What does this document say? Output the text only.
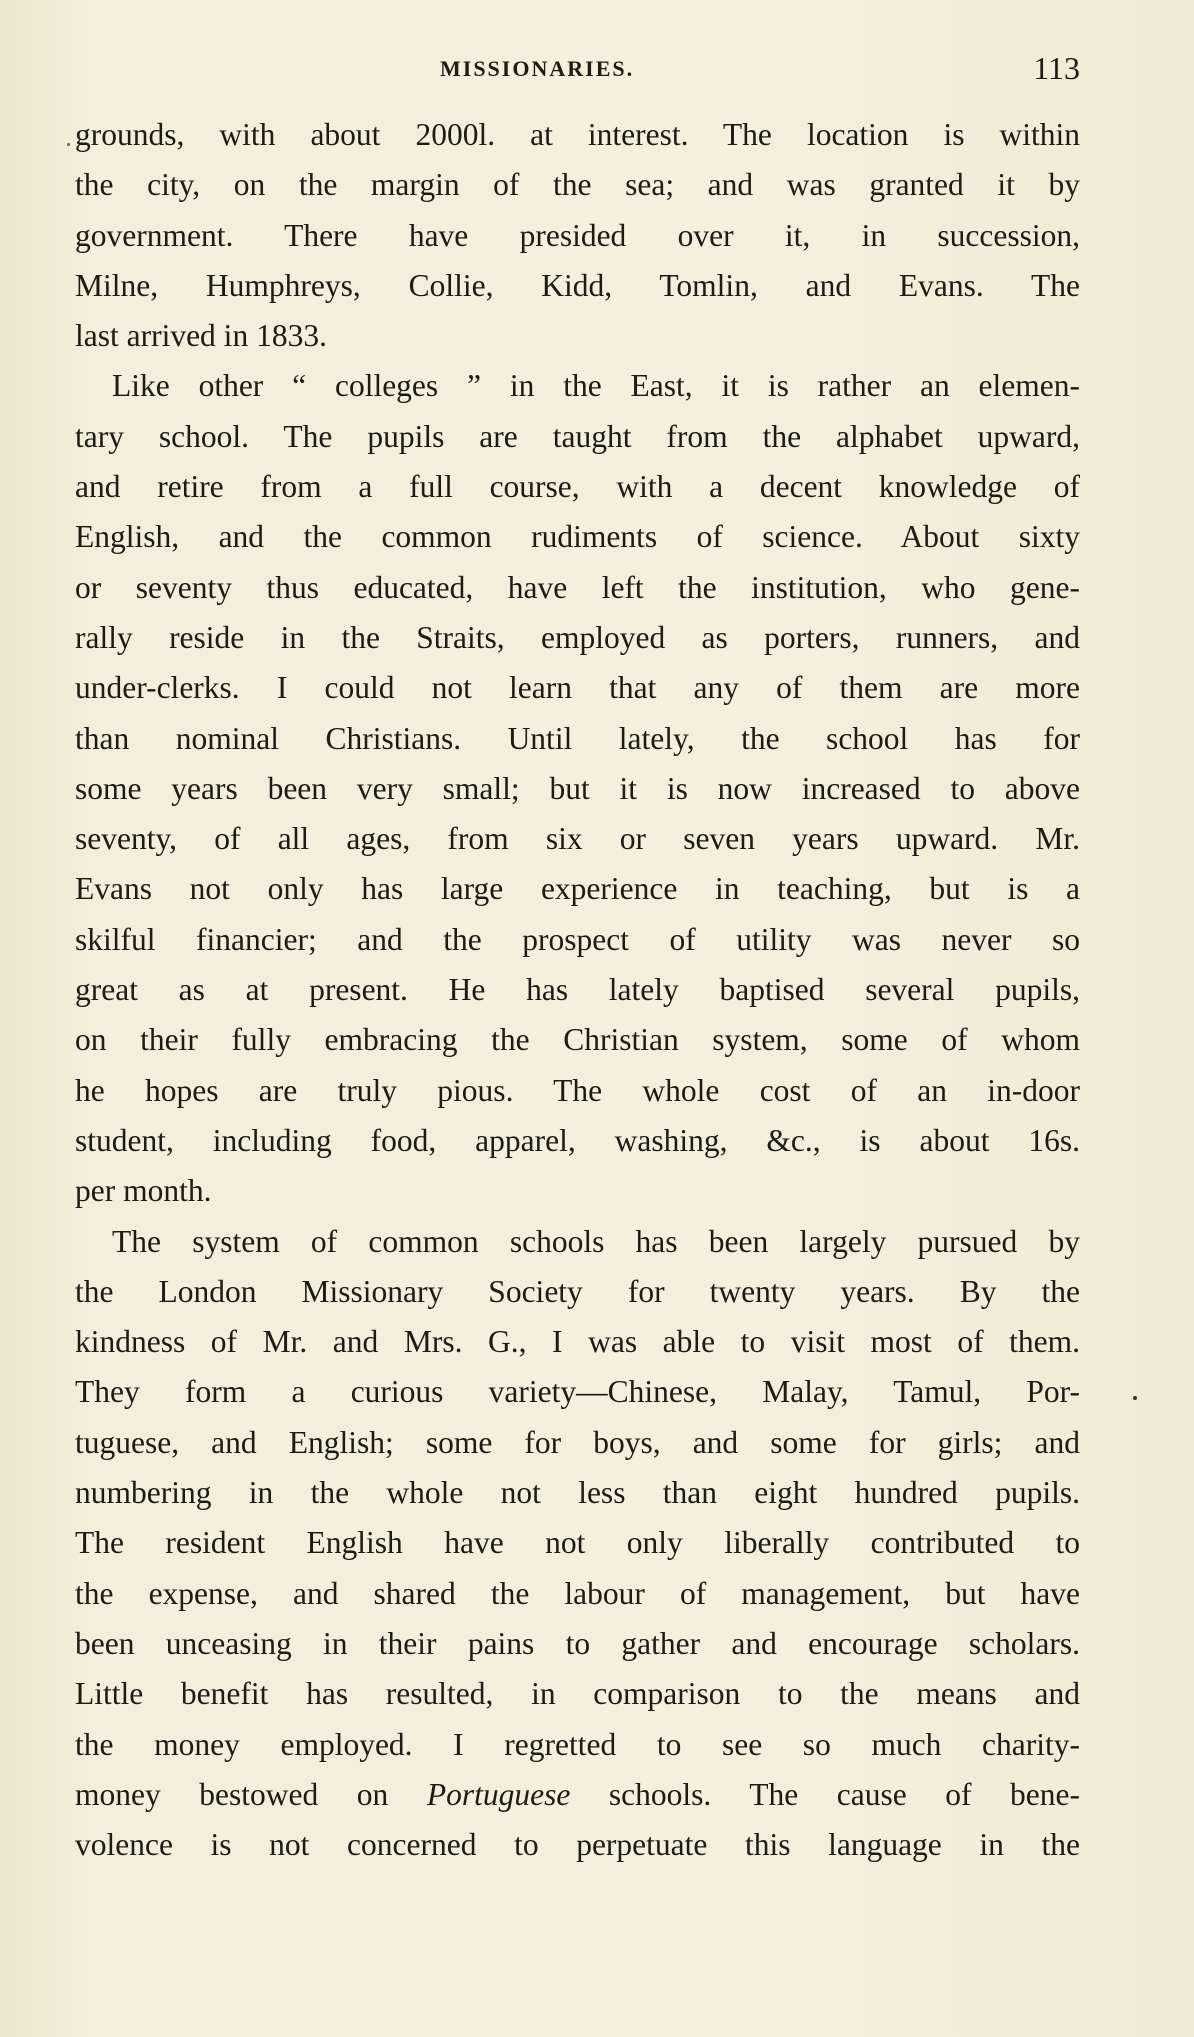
MISSIONARIES.	113
grounds, with about 2000l. at interest. The location is within
the city, on the margin of the sea; and was granted it by
government. There have presided over it, in succession,
Milne, Humphreys, Collie, Kidd, Tomlin, and Evans. The
last arrived in 1833.
Like other “ colleges ” in the East, it is rather an elemen-
tary school. The pupils are taught from the alphabet upward,
and retire from a full course, with a decent knowledge of
English, and the common rudiments of science. About sixty
or seventy thus educated, have left the institution, who gene-
rally reside in the Straits, employed as porters, runners, and
under-clerks. I could not learn that any of them are more
than nominal Christians. Until lately, the school has for
some years been very small; but it is now increased to above
seventy, of all ages, from six or seven years upward. Mr.
Evans not only has large experience in teaching, but is a
skilful financier; and the prospect of utility was never so
great as at present. He has lately baptised several pupils,
on their fully embracing the Christian system, some of whom
he hopes are truly pious. The whole cost of an in-door
student, including food, apparel, washing, &c., is about 16s.
per month.
The system of common schools has been largely pursued by
the London Missionary Society for twenty years. By the
kindness of Mr. and Mrs. G., I was able to visit most of them.
They form a curious variety—Chinese, Malay, Tamul, Por-
tuguese, and English; some for boys, and some for girls; and
numbering in the whole not less than eight hundred pupils.
The resident English have not only liberally contributed to
the expense, and shared the labour of management, but have
been unceasing in their pains to gather and encourage scholars.
Little benefit has resulted, in comparison to the means and
the money employed. I regretted to see so much charity-
money bestowed on Portuguese schools. The cause of bene-
volence is not concerned to perpetuate this language in the
